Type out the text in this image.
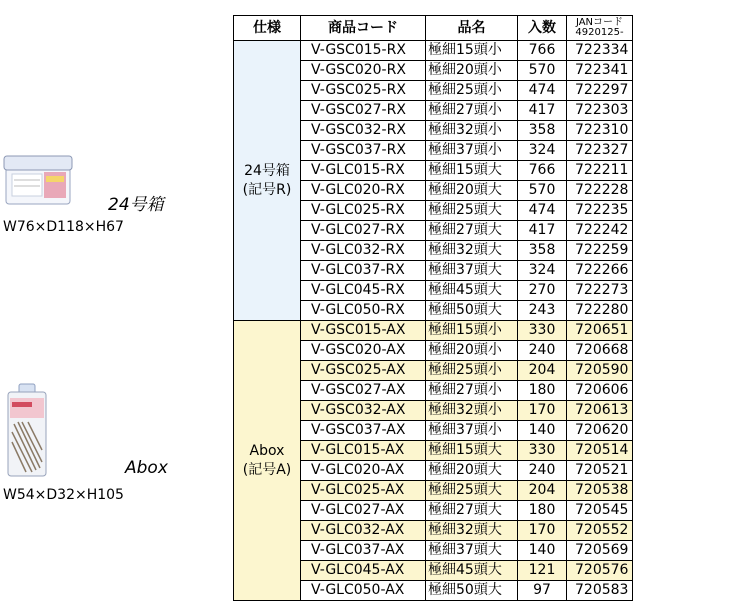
24号箱
W76×D118×H67
Abox
W54×D32×H105
仕様	商品コード	品名	入数	JANコード
4920125-

24号箱
(記号R)	V-GSC015-RX	極細15頭小	766	722334
	V-GSC020-RX	極細20頭小	570	722341
	V-GSC025-RX	極細25頭小	474	722297
	V-GSC027-RX	極細27頭小	417	722303
	V-GSC032-RX	極細32頭小	358	722310
	V-GSC037-RX	極細37頭小	324	722327
	V-GLC015-RX	極細15頭大	766	722211
	V-GLC020-RX	極細20頭大	570	722228
	V-GLC025-RX	極細25頭大	474	722235
	V-GLC027-RX	極細27頭大	417	722242
	V-GLC032-RX	極細32頭大	358	722259
	V-GLC037-RX	極細37頭大	324	722266
	V-GLC045-RX	極細45頭大	270	722273
	V-GLC050-RX	極細50頭大	243	722280

Abox
(記号A)	V-GSC015-AX	極細15頭小	330	720651
	V-GSC020-AX	極細20頭小	240	720668
	V-GSC025-AX	極細25頭小	204	720590
	V-GSC027-AX	極細27頭小	180	720606
	V-GSC032-AX	極細32頭小	170	720613
	V-GSC037-AX	極細37頭小	140	720620
	V-GLC015-AX	極細15頭大	330	720514
	V-GLC020-AX	極細20頭大	240	720521
	V-GLC025-AX	極細25頭大	204	720538
	V-GLC027-AX	極細27頭大	180	720545
	V-GLC032-AX	極細32頭大	170	720552
	V-GLC037-AX	極細37頭大	140	720569
	V-GLC045-AX	極細45頭大	121	720576
	V-GLC050-AX	極細50頭大	97	720583
